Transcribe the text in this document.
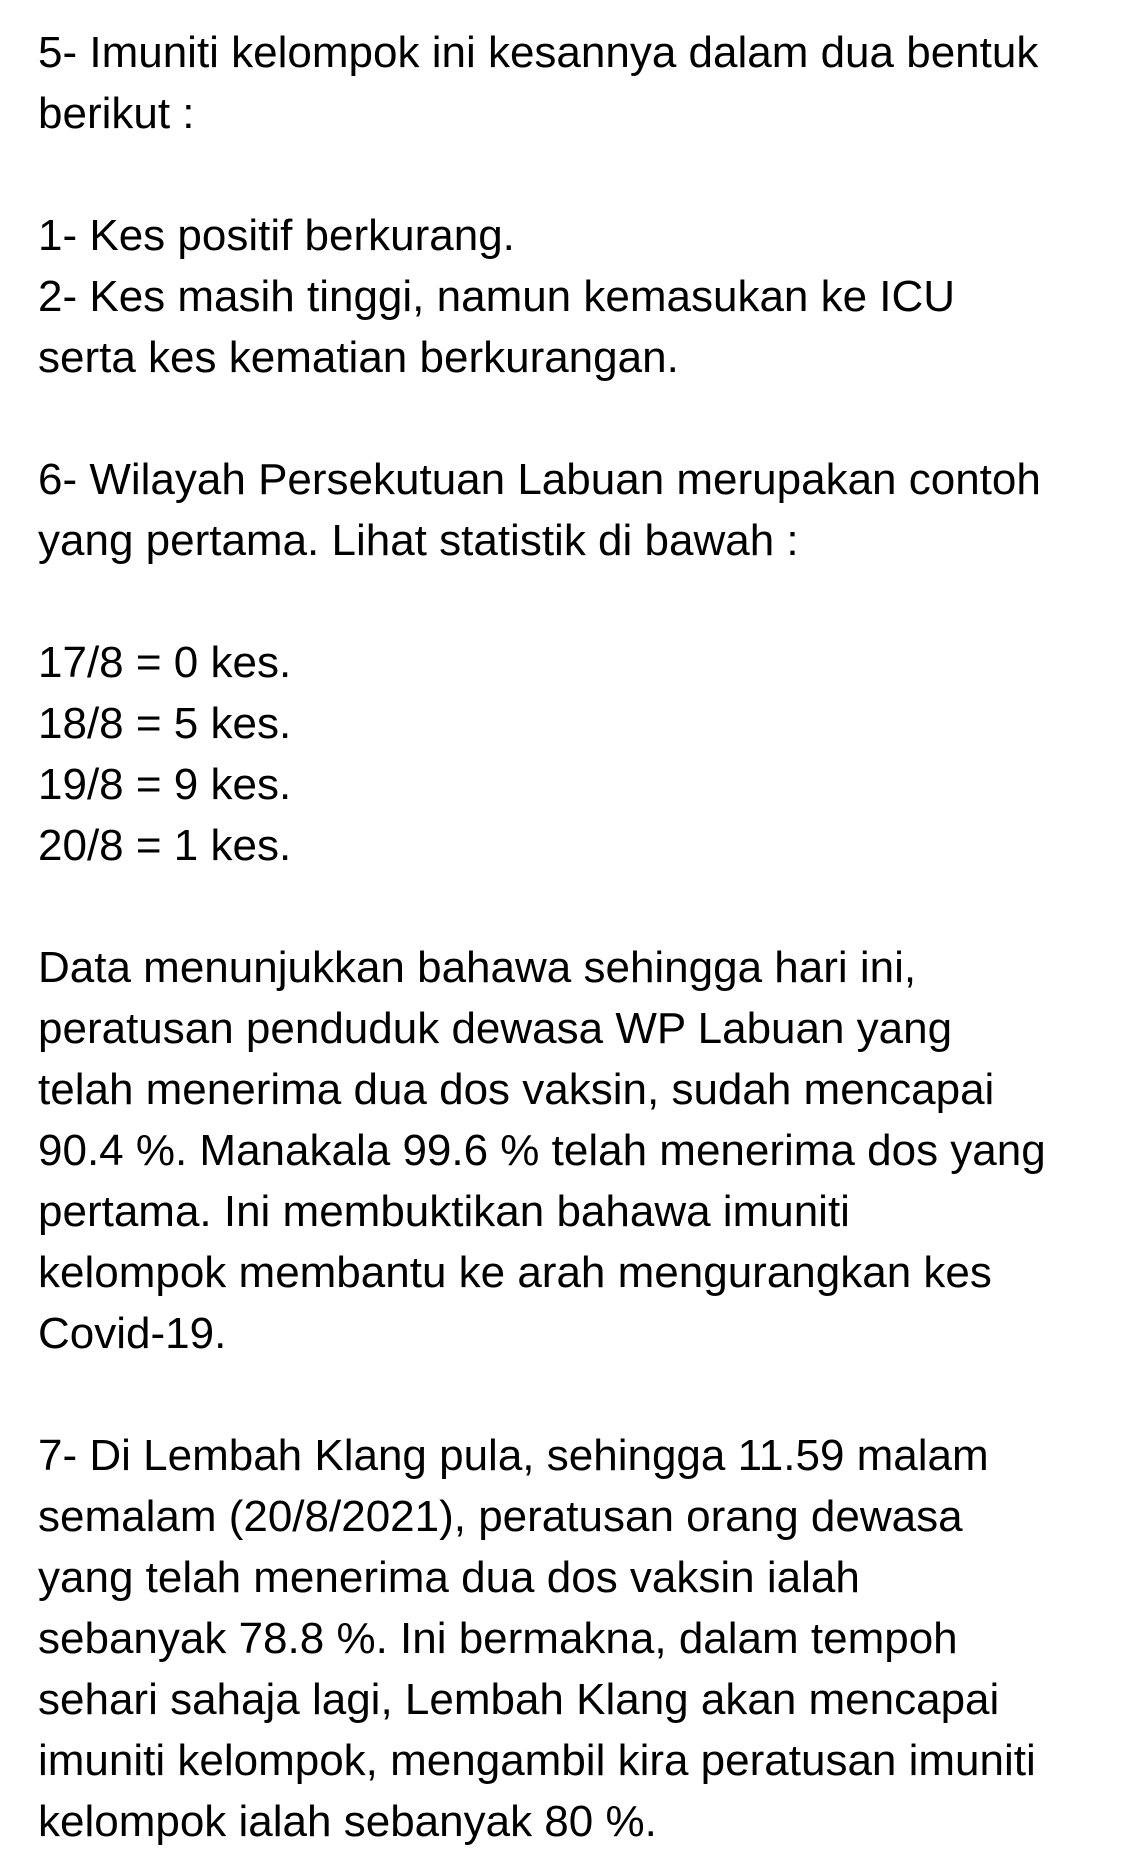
5- Imuniti kelompok ini kesannya dalam dua bentuk
berikut :
1- Kes positif berkurang.
2- Kes masih tinggi, namun kemasukan ke ICU
serta kes kematian berkurangan.
6- Wilayah Persekutuan Labuan merupakan contoh
yang pertama. Lihat statistik di bawah :
17/8 = 0 kes.
18/8 = 5 kes.
19/8 = 9 kes.
20/8 = 1 kes.
Data menunjukkan bahawa sehingga hari ini,
peratusan penduduk dewasa WP Labuan yang
telah menerima dua dos vaksin, sudah mencapai
90.4 %. Manakala 99.6 % telah menerima dos yang
pertama. Ini membuktikan bahawa imuniti
kelompok membantu ke arah mengurangkan kes
Covid-19.
7- Di Lembah Klang pula, sehingga 11.59 malam
semalam (20/8/2021), peratusan orang dewasa
yang telah menerima dua dos vaksin ialah
sebanyak 78.8 %. Ini bermakna, dalam tempoh
sehari sahaja lagi, Lembah Klang akan mencapai
imuniti kelompok, mengambil kira peratusan imuniti
kelompok ialah sebanyak 80 %.
